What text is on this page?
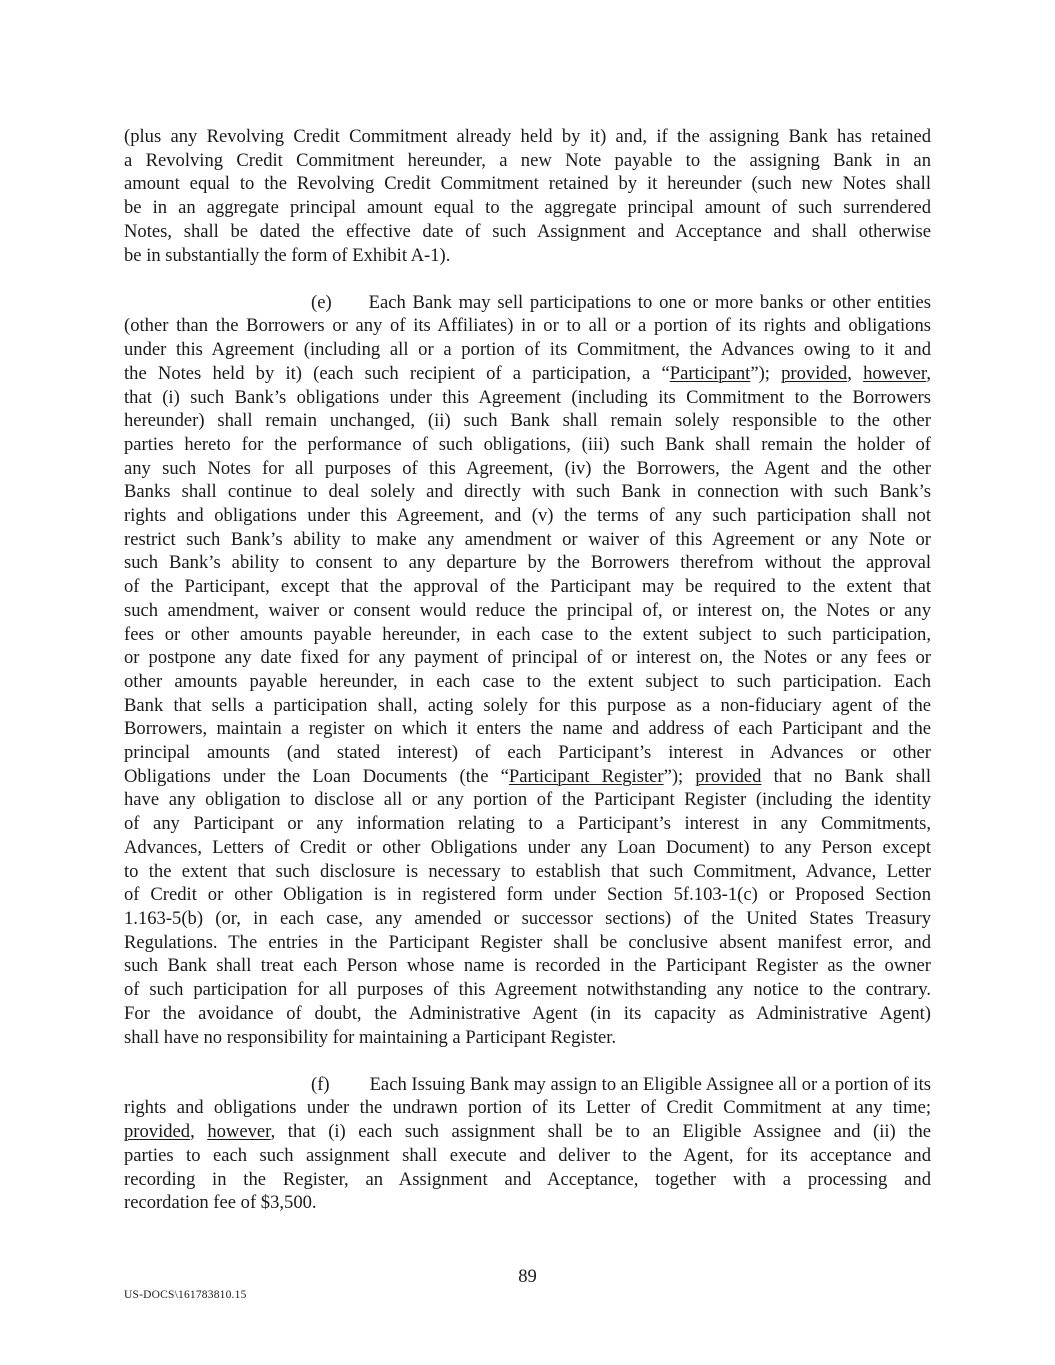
(plus any Revolving Credit Commitment already held by it) and, if the assigning Bank has retained
a Revolving Credit Commitment hereunder, a new Note payable to the assigning Bank in an
amount equal to the Revolving Credit Commitment retained by it hereunder (such new Notes shall
be in an aggregate principal amount equal to the aggregate principal amount of such surrendered
Notes, shall be dated the effective date of such Assignment and Acceptance and shall otherwise
be in substantially the form of Exhibit A-1).
(e) Each Bank may sell participations to one or more banks or other entities
(other than the Borrowers or any of its Affiliates) in or to all or a portion of its rights and obligations
under this Agreement (including all or a portion of its Commitment, the Advances owing to it and
the Notes held by it) (each such recipient of a participation, a “Participant”); provided, however,
that (i) such Bank’s obligations under this Agreement (including its Commitment to the Borrowers
hereunder) shall remain unchanged, (ii) such Bank shall remain solely responsible to the other
parties hereto for the performance of such obligations, (iii) such Bank shall remain the holder of
any such Notes for all purposes of this Agreement, (iv) the Borrowers, the Agent and the other
Banks shall continue to deal solely and directly with such Bank in connection with such Bank’s
rights and obligations under this Agreement, and (v) the terms of any such participation shall not
restrict such Bank’s ability to make any amendment or waiver of this Agreement or any Note or
such Bank’s ability to consent to any departure by the Borrowers therefrom without the approval
of the Participant, except that the approval of the Participant may be required to the extent that
such amendment, waiver or consent would reduce the principal of, or interest on, the Notes or any
fees or other amounts payable hereunder, in each case to the extent subject to such participation,
or postpone any date fixed for any payment of principal of or interest on, the Notes or any fees or
other amounts payable hereunder, in each case to the extent subject to such participation. Each
Bank that sells a participation shall, acting solely for this purpose as a non-fiduciary agent of the
Borrowers, maintain a register on which it enters the name and address of each Participant and the
principal amounts (and stated interest) of each Participant’s interest in Advances or other
Obligations under the Loan Documents (the “Participant Register”); provided that no Bank shall
have any obligation to disclose all or any portion of the Participant Register (including the identity
of any Participant or any information relating to a Participant’s interest in any Commitments,
Advances, Letters of Credit or other Obligations under any Loan Document) to any Person except
to the extent that such disclosure is necessary to establish that such Commitment, Advance, Letter
of Credit or other Obligation is in registered form under Section 5f.103-1(c) or Proposed Section
1.163-5(b) (or, in each case, any amended or successor sections) of the United States Treasury
Regulations. The entries in the Participant Register shall be conclusive absent manifest error, and
such Bank shall treat each Person whose name is recorded in the Participant Register as the owner
of such participation for all purposes of this Agreement notwithstanding any notice to the contrary.
For the avoidance of doubt, the Administrative Agent (in its capacity as Administrative Agent)
shall have no responsibility for maintaining a Participant Register.
(f) Each Issuing Bank may assign to an Eligible Assignee all or a portion of its
rights and obligations under the undrawn portion of its Letter of Credit Commitment at any time;
provided, however, that (i) each such assignment shall be to an Eligible Assignee and (ii) the
parties to each such assignment shall execute and deliver to the Agent, for its acceptance and
recording in the Register, an Assignment and Acceptance, together with a processing and
recordation fee of $3,500.
89
US-DOCS\161783810.15
